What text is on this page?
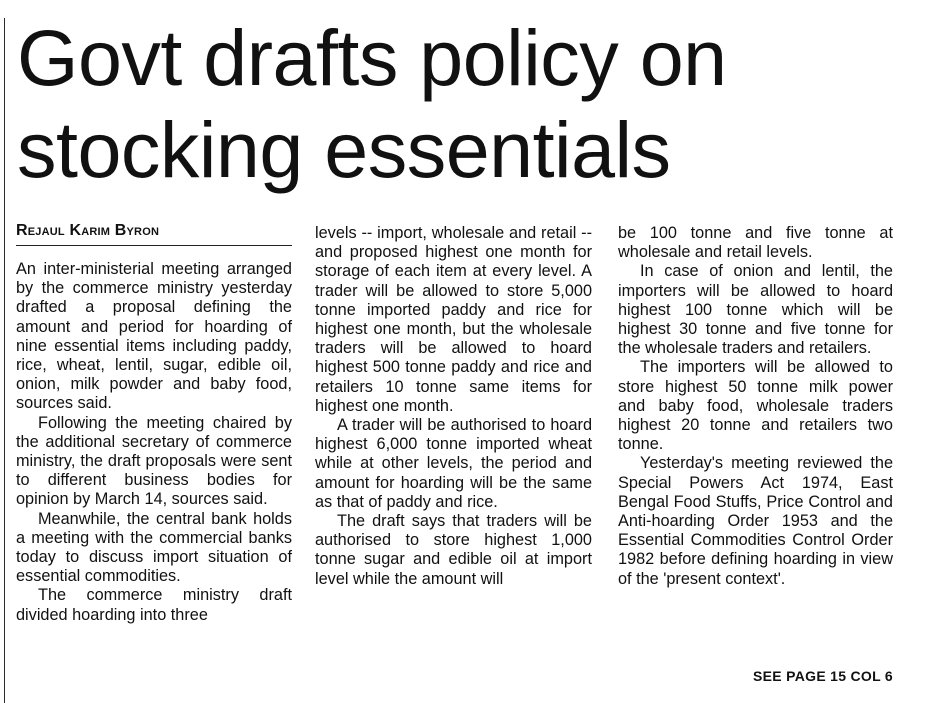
Govt drafts policy on stocking essentials
Rejaul Karim Byron

An inter-ministerial meeting arranged by the commerce ministry yesterday drafted a proposal defining the amount and period for hoarding of nine essential items including paddy, rice, wheat, lentil, sugar, edible oil, onion, milk powder and baby food, sources said.

Following the meeting chaired by the additional secretary of commerce ministry, the draft proposals were sent to different business bodies for opinion by March 14, sources said.

Meanwhile, the central bank holds a meeting with the commercial banks today to discuss import situation of essential commodities.

The commerce ministry draft divided hoarding into three

levels -- import, wholesale and retail -- and proposed highest one month for storage of each item at every level. A trader will be allowed to store 5,000 tonne imported paddy and rice for highest one month, but the wholesale traders will be allowed to hoard highest 500 tonne paddy and rice and retailers 10 tonne same items for highest one month.

A trader will be authorised to hoard highest 6,000 tonne imported wheat while at other levels, the period and amount for hoarding will be the same as that of paddy and rice.

The draft says that traders will be authorised to store highest 1,000 tonne sugar and edible oil at import level while the amount will

be 100 tonne and five tonne at wholesale and retail levels.

In case of onion and lentil, the importers will be allowed to hoard highest 100 tonne which will be highest 30 tonne and five tonne for the wholesale traders and retailers.

The importers will be allowed to store highest 50 tonne milk power and baby food, wholesale traders highest 20 tonne and retailers two tonne.

Yesterday's meeting reviewed the Special Powers Act 1974, East Bengal Food Stuffs, Price Control and Anti-hoarding Order 1953 and the Essential Commodities Control Order 1982 before defining hoarding in view of the 'present context'.

SEE PAGE 15 COL 6
